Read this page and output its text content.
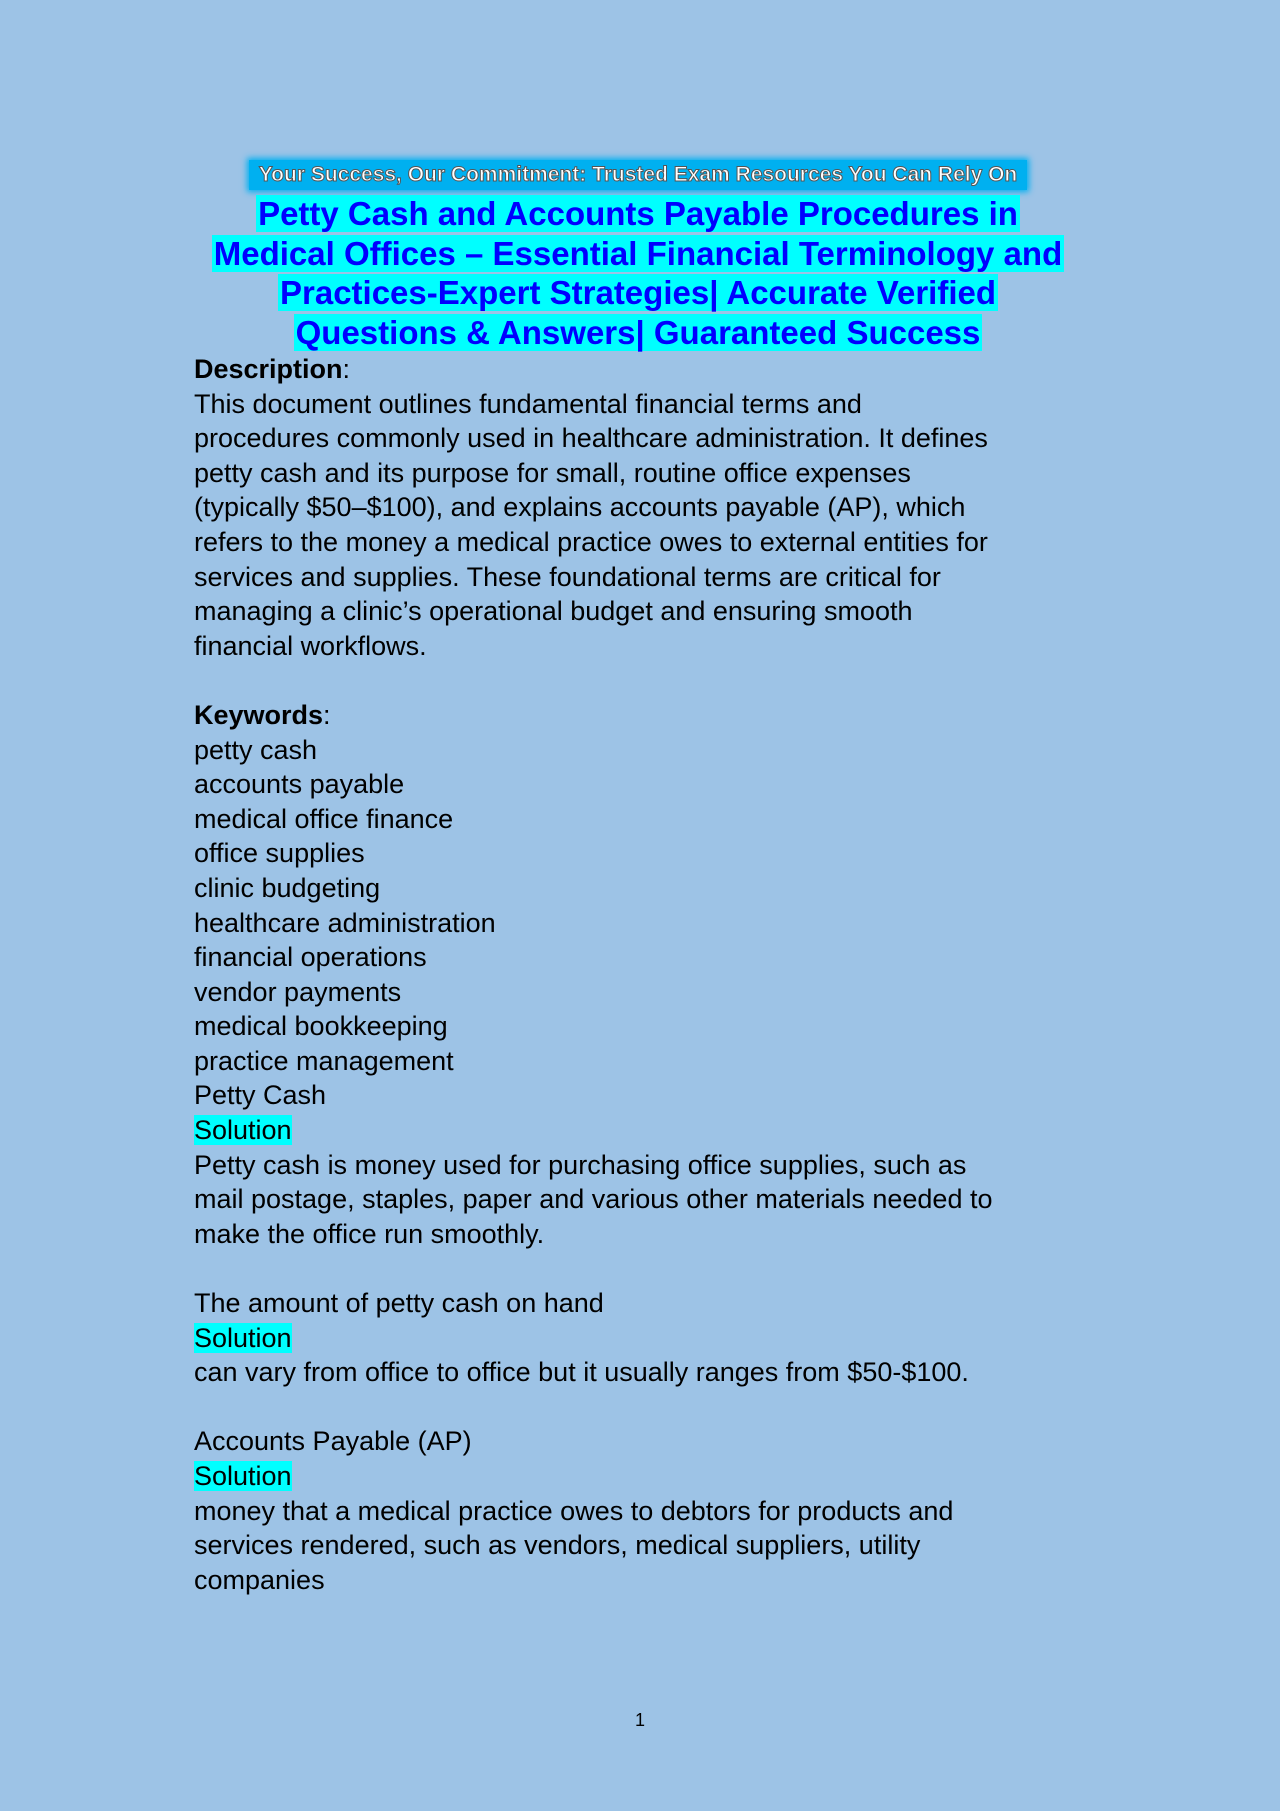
Your Success, Our Commitment: Trusted Exam Resources You Can Rely On
Petty Cash and Accounts Payable Procedures in
Medical Offices – Essential Financial Terminology and
Practices-Expert Strategies| Accurate Verified
Questions & Answers| Guaranteed Success
Description:
This document outlines fundamental financial terms and
procedures commonly used in healthcare administration. It defines
petty cash and its purpose for small, routine office expenses
(typically $50–$100), and explains accounts payable (AP), which
refers to the money a medical practice owes to external entities for
services and supplies. These foundational terms are critical for
managing a clinic’s operational budget and ensuring smooth
financial workflows.
Keywords:
petty cash
accounts payable
medical office finance
office supplies
clinic budgeting
healthcare administration
financial operations
vendor payments
medical bookkeeping
practice management
Petty Cash
Solution
Petty cash is money used for purchasing office supplies, such as
mail postage, staples, paper and various other materials needed to
make the office run smoothly.
The amount of petty cash on hand
Solution
can vary from office to office but it usually ranges from $50-$100.
Accounts Payable (AP)
Solution
money that a medical practice owes to debtors for products and
services rendered, such as vendors, medical suppliers, utility
companies
1
